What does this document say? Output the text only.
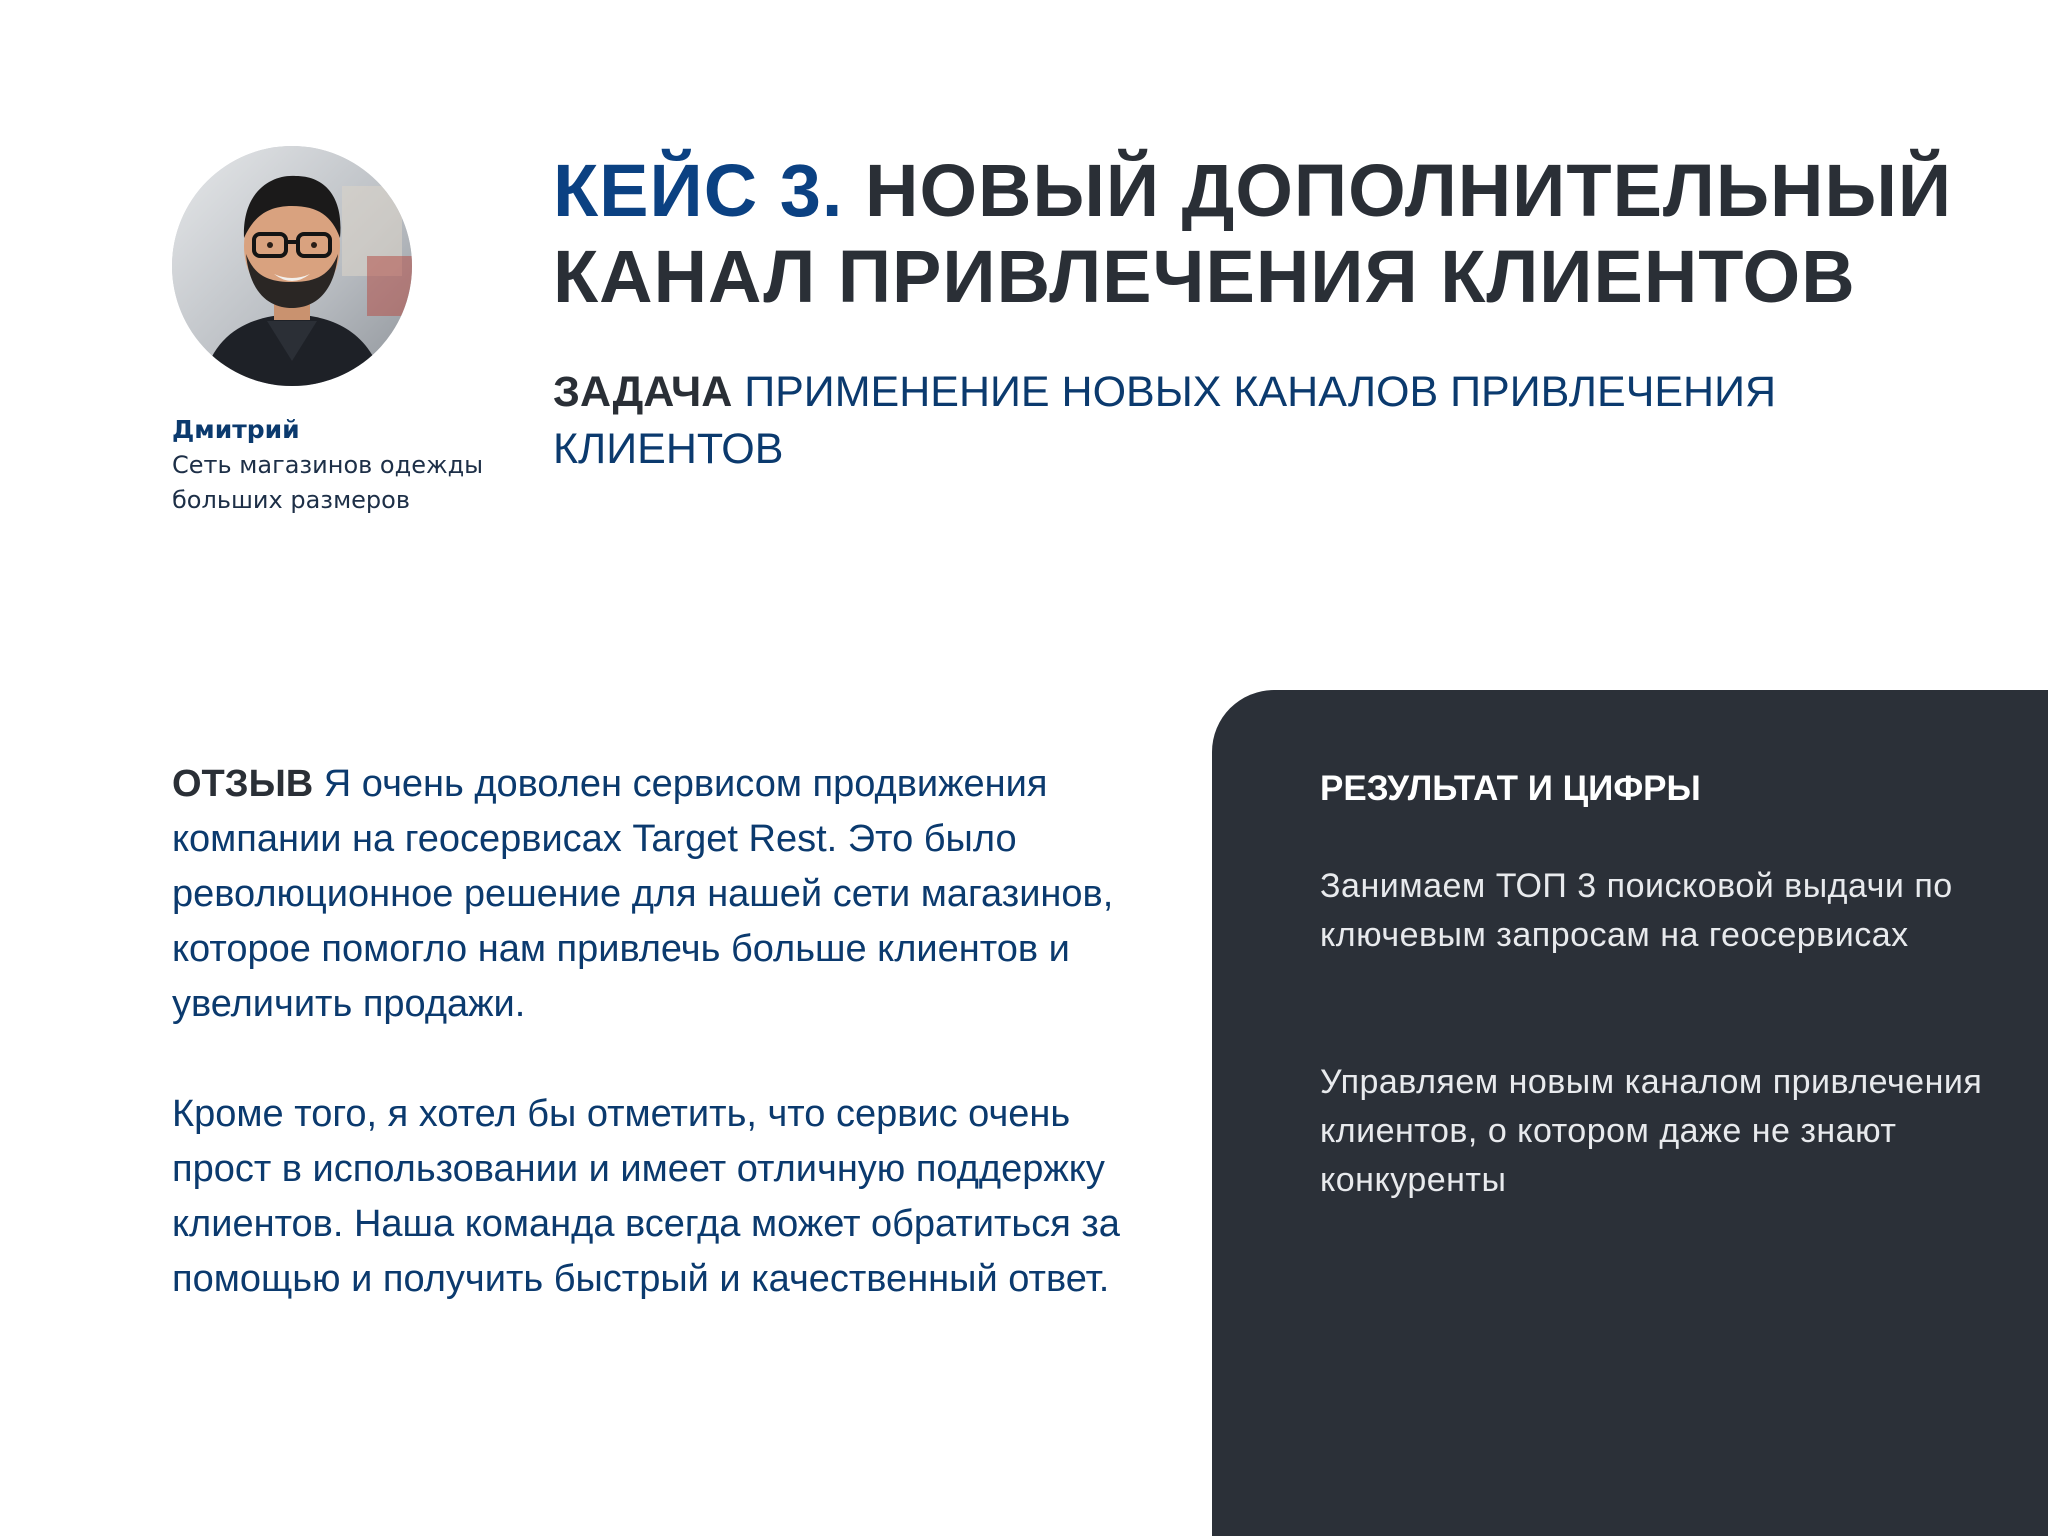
Дмитрий
Сеть магазинов одежды больших размеров
КЕЙС 3. НОВЫЙ ДОПОЛНИТЕЛЬНЫЙ КАНАЛ ПРИВЛЕЧЕНИЯ КЛИЕНТОВ
ЗАДАЧА ПРИМЕНЕНИЕ НОВЫХ КАНАЛОВ ПРИВЛЕЧЕНИЯ КЛИЕНТОВ

ОТЗЫВ Я очень доволен сервисом продвижения компании на геосервисах Target Rest. Это было революционное решение для нашей сети магазинов, которое помогло нам привлечь больше клиентов и увеличить продажи.

Кроме того, я хотел бы отметить, что сервис очень прост в использовании и имеет отличную поддержку клиентов. Наша команда всегда может обратиться за помощью и получить быстрый и качественный ответ.

РЕЗУЛЬТАТ И ЦИФРЫ
Занимаем ТОП 3 поисковой выдачи по ключевым запросам на геосервисах
Управляем новым каналом привлечения клиентов, о котором даже не знают конкуренты
